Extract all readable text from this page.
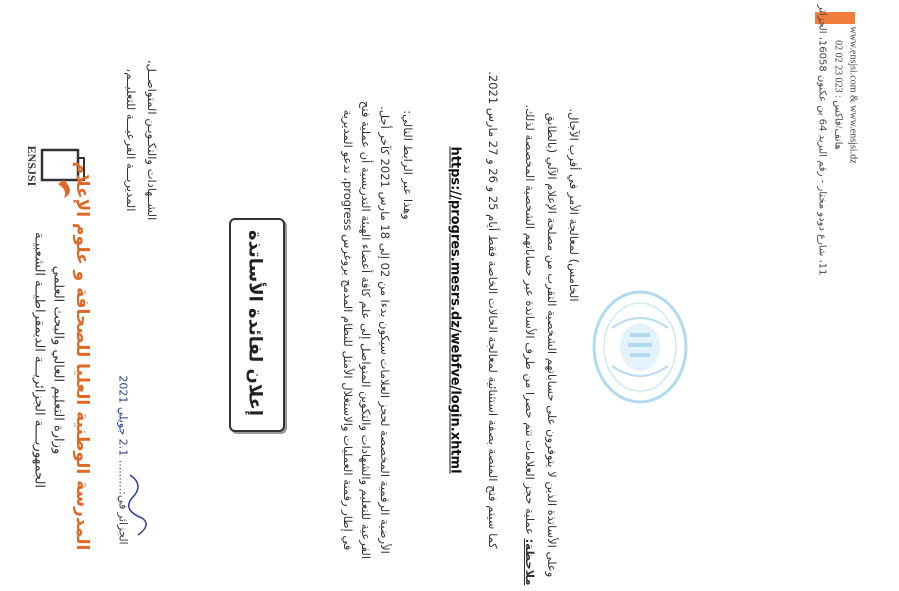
ENSJSI
الجمهوريــــة الجزائريـــة الديمقراطيــة الشعبيـة وزارة التعليم العالي والبحث العلمي المدرسة الوطنية العليا للصحافة و علوم الإعلام الجزائر في:......... 2.1 جويلي 2021
المديريـــة الفرعيـــة للتعليــم، الشــهادات والتكـويـن المتواصــل،
إعلان لفائدة الأساتذة
في إطار رقمنة العمليات والاستغلال الأمثل للنظام المدمج بروغرس progress، تدعو المديرية الفرعية للتعليم والشهادات والتكوين المتواصل إلى علم كافة أعضاء الهيئة التدريسية أن عملية فتح الأرضية الرقمية المخصصة لحجز العلامات سيكون بدءا من 02 إلى 18 مارس 2021 كآخر أجل.
وهذا عبر الرابط التالي:	https://progres.mesrs.dz/webfve/login.xhtml
كما سيتم فتح المنصة بصفة استثنائية لمعالجة الحالات الخاصة فقط أيام 25 و 26 و 27 مارس 2021.
ملاحظة: عملية حجز العلامات تتم حصرا من طرف الأساتذة عبر حساباتهم الشخصية المخصصة لذلك. وعلى الأساتذة الذين لا يتوفرون على حساباتهم الشخصية التقرب من مصلحة الإعلام الآلي (بالطابق الخامس) لمعالجة الأمر في أقرب الآجال.
11، شارع دودو مختار - رقم البريد 64 بن عكنون 16058، الجزائر
هاتف/فاكس : 023 23 02 02 www.ensjsi.com & www.ensjsi.dz
